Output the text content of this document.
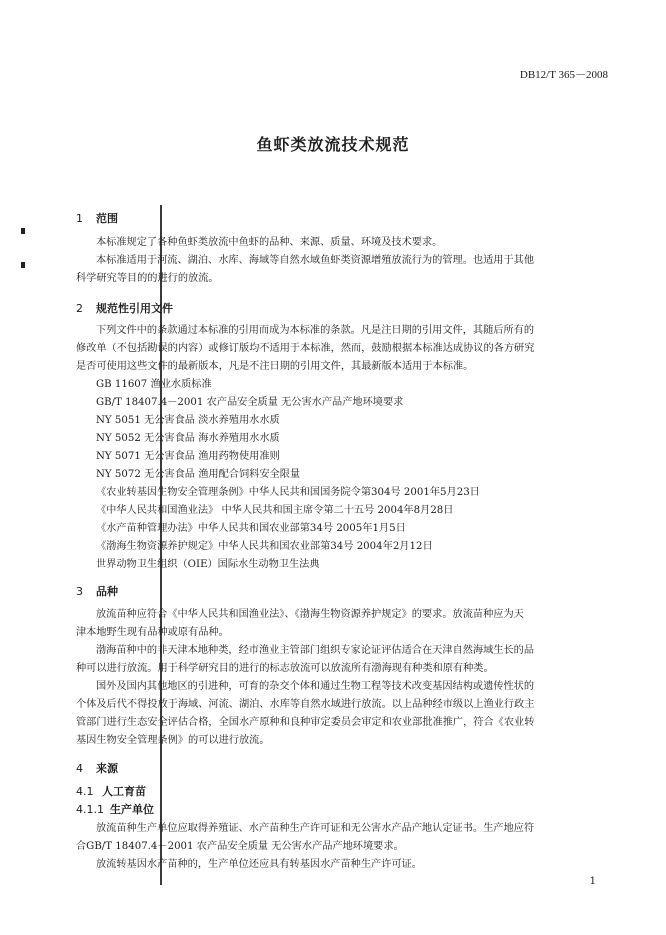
DB12/T 365－2008
鱼虾类放流技术规范
1 范围
本标准规定了各种鱼虾类放流中鱼虾的品种、来源、质量、环境及技术要求。
本标准适用于河流、湖泊、水库、海域等自然水域鱼虾类资源增殖放流行为的管理。也适用于其他
科学研究等目的的进行的放流。
2 规范性引用文件
下列文件中的条款通过本标准的引用而成为本标准的条款。凡是注日期的引用文件，其随后所有的
修改单（不包括勘误的内容）或修订版均不适用于本标准，然而，鼓励根据本标准达成协议的各方研究
是否可使用这些文件的最新版本，凡是不注日期的引用文件，其最新版本适用于本标准。
GB 11607 渔业水质标准
GB/T 18407.4－2001 农产品安全质量 无公害水产品产地环境要求
NY 5051 无公害食品 淡水养殖用水水质
NY 5052 无公害食品 海水养殖用水水质
NY 5071 无公害食品 渔用药物使用准则
NY 5072 无公害食品 渔用配合饲料安全限量
《农业转基因生物安全管理条例》中华人民共和国国务院令第304号 2001年5月23日
《中华人民共和国渔业法》 中华人民共和国主席令第二十五号 2004年8月28日
《水产苗种管理办法》中华人民共和国农业部第34号 2005年1月5日
《渤海生物资源养护规定》中华人民共和国农业部第34号 2004年2月12日
世界动物卫生组织（OIE）国际水生动物卫生法典
3 品种
放流苗种应符合《中华人民共和国渔业法》、《渤海生物资源养护规定》的要求。放流苗种应为天
津本地野生现有品种或原有品种。
渤海苗种中的非天津本地种类，经市渔业主管部门组织专家论证评估适合在天津自然海域生长的品
种可以进行放流。用于科学研究目的进行的标志放流可以放流所有渤海现有种类和原有种类。
国外及国内其他地区的引进种，可育的杂交个体和通过生物工程等技术改变基因结构或遗传性状的
个体及后代不得投放于海域、河流、湖泊、水库等自然水域进行放流。以上品种经市级以上渔业行政主
管部门进行生态安全评估合格，全国水产原种和良种审定委员会审定和农业部批准推广，符合《农业转
基因生物安全管理条例》的可以进行放流。
4 来源
4.1 人工育苗
4.1.1 生产单位
放流苗种生产单位应取得养殖证、水产苗种生产许可证和无公害水产品产地认定证书。生产地应符
合GB/T 18407.4－2001 农产品安全质量 无公害水产品产地环境要求。
放流转基因水产苗种的，生产单位还应具有转基因水产苗种生产许可证。
1
